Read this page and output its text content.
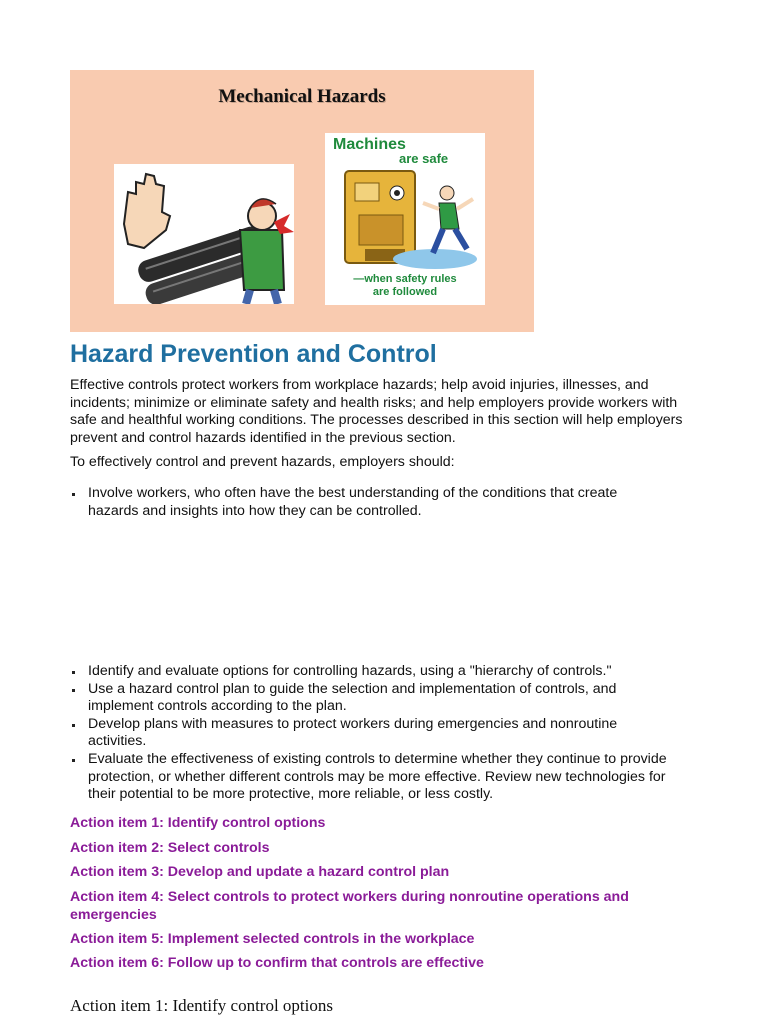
Mechanical Hazards
Machines
are safe
—when safety rules
are followed
Hazard Prevention and Control

Effective controls protect workers from workplace hazards; help avoid injuries, illnesses, and incidents; minimize or eliminate safety and health risks; and help employers provide workers with safe and healthful working conditions. The processes described in this section will help employers prevent and control hazards identified in the previous section.

To effectively control and prevent hazards, employers should:

Involve workers, who often have the best understanding of the conditions that create hazards and insights into how they can be controlled.
Identify and evaluate options for controlling hazards, using a "hierarchy of controls."
Use a hazard control plan to guide the selection and implementation of controls, and implement controls according to the plan.
Develop plans with measures to protect workers during emergencies and nonroutine activities.
Evaluate the effectiveness of existing controls to determine whether they continue to provide protection, or whether different controls may be more effective. Review new technologies for their potential to be more protective, more reliable, or less costly.

Action item 1: Identify control options

Action item 2: Select controls

Action item 3: Develop and update a hazard control plan

Action item 4: Select controls to protect workers during nonroutine operations and emergencies

Action item 5: Implement selected controls in the workplace

Action item 6: Follow up to confirm that controls are effective

Action item 1: Identify control options
